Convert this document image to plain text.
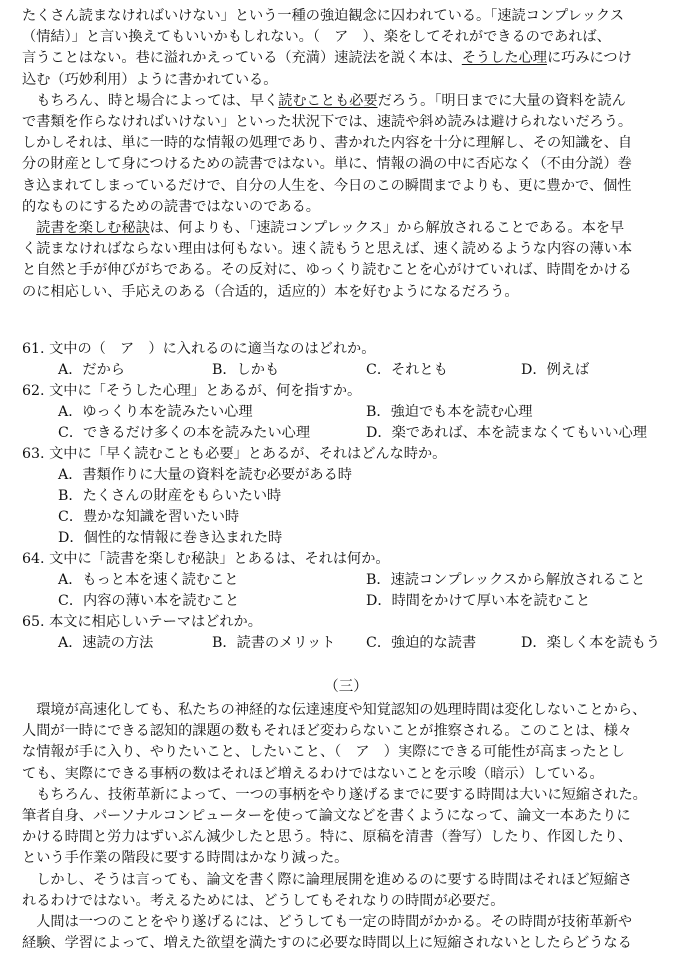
たくさん読まなければいけない」という一種の強迫観念に囚われている。「速読コンプレックス
（情結）」と言い換えてもいいかもしれない。（　ア　）、楽をしてそれができるのであれば、
言うことはない。巷に溢れかえっている（充満）速読法を説く本は、そうした心理に巧みにつけ
込む（巧妙利用）ように書かれている。
　もちろん、時と場合によっては、早く読むことも必要だろう。「明日までに大量の資料を読ん
で書類を作らなければいけない」といった状況下では、速読や斜め読みは避けられないだろう。
しかしそれは、単に一時的な情報の処理であり、書かれた内容を十分に理解し、その知識を、自
分の財産として身につけるための読書ではない。単に、情報の渦の中に否応なく（不由分説）巻
き込まれてしまっているだけで、自分の人生を、今日のこの瞬間までよりも、更に豊かで、個性
的なものにするための読書ではないのである。
　読書を楽しむ秘訣は、何よりも、「速読コンプレックス」から解放されることである。本を早
く読まなければならない理由は何もない。速く読もうと思えば、速く読めるような内容の薄い本
と自然と手が伸びがちである。その反対に、ゆっくり読むことを心がけていれば、時間をかける
のに相応しい、手応えのある（合适的，适应的）本を好むようになるだろう。
61. 文中の（　ア　）に入れるのに適当なのはどれか。
A．だから	B．しかも	C．それとも	D．例えば
62. 文中に「そうした心理」とあるが、何を指すか。
A．ゆっくり本を読みたい心理	B．強迫でも本を読む心理
C．できるだけ多くの本を読みたい心理	D．楽であれば、本を読まなくてもいい心理
63. 文中に「早く読むことも必要」とあるが、それはどんな時か。
A．書類作りに大量の資料を読む必要がある時
B．たくさんの財産をもらいたい時
C．豊かな知識を習いたい時
D．個性的な情報に巻き込まれた時
64. 文中に「読書を楽しむ秘訣」とあるは、それは何か。
A．もっと本を速く読むこと	B．速読コンプレックスから解放されること
C．内容の薄い本を読むこと	D．時間をかけて厚い本を読むこと
65. 本文に相応しいテーマはどれか。
A．速読の方法	B．読書のメリット C．強迫的な読書	D．楽しく本を読もう
（三）
　環境が高速化しても、私たちの神経的な伝達速度や知覚認知の処理時間は変化しないことから、
人間が一時にできる認知的課題の数もそれほど変わらないことが推察される。このことは、様々
な情報が手に入り、やりたいこと、したいこと、（　ア　）実際にできる可能性が高まったとし
ても、実際にできる事柄の数はそれほど増えるわけではないことを示唆（暗示）している。
　もちろん、技術革新によって、一つの事柄をやり遂げるまでに要する時間は大いに短縮された。
筆者自身、パーソナルコンピューターを使って論文などを書くようになって、論文一本あたりに
かける時間と労力はずいぶん減少したと思う。特に、原稿を清書（誊写）したり、作図したり、
という手作業の階段に要する時間はかなり減った。
　しかし、そうは言っても、論文を書く際に論理展開を進めるのに要する時間はそれほど短縮さ
れるわけではない。考えるためには、どうしてもそれなりの時間が必要だ。
　人間は一つのことをやり遂げるには、どうしても一定の時間がかかる。その時間が技術革新や
経験、学習によって、増えた欲望を満たすのに必要な時間以上に短縮されないとしたらどうなる
